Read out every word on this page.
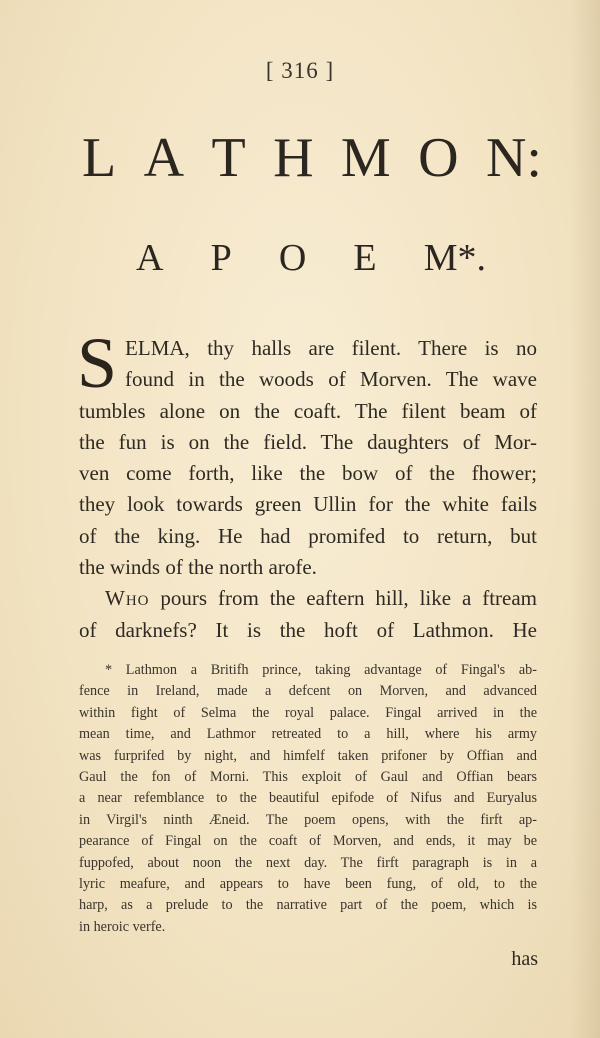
[ 316 ]
L A T H M O N:
A P O E M*.
S ELMA, thy halls are filent. There is no
found in the woods of Morven. The wave
tumbles alone on the coaft. The filent beam of
the fun is on the field. The daughters of Mor-
ven come forth, like the bow of the fhower;
they look towards green Ullin for the white fails
of the king. He had promifed to return, but
the winds of the north arofe.
Who pours from the eaftern hill, like a ftream
of darknefs? It is the hoft of Lathmon. He
* Lathmon a Britifh prince, taking advantage of Fingal's ab-
fence in Ireland, made a defcent on Morven, and advanced
within fight of Selma the royal palace. Fingal arrived in the
mean time, and Lathmor retreated to a hill, where his army
was furprifed by night, and himfelf taken prifoner by Offian and
Gaul the fon of Morni. This exploit of Gaul and Offian bears
a near refemblance to the beautiful epifode of Nifus and Euryalus
in Virgil's ninth Æneid. The poem opens, with the firft ap-
pearance of Fingal on the coaft of Morven, and ends, it may be
fuppofed, about noon the next day. The firft paragraph is in a
lyric meafure, and appears to have been fung, of old, to the
harp, as a prelude to the narrative part of the poem, which is
in heroic verfe.
has
